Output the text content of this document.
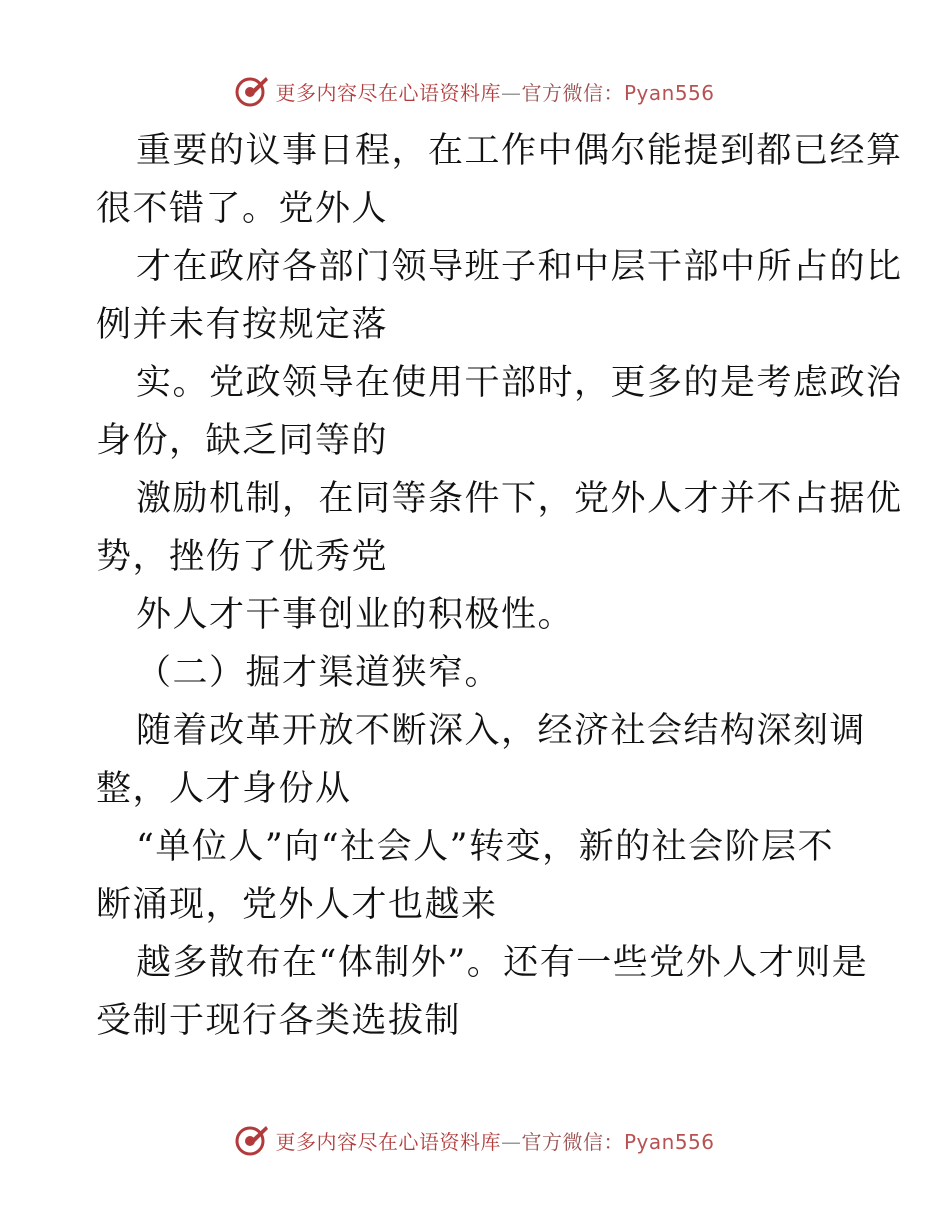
更多内容尽在心语资料库—官方微信：Pyan556
重要的议事日程，在工作中偶尔能提到都已经算
很不错了。党外人
才在政府各部门领导班子和中层干部中所占的比
例并未有按规定落
实。党政领导在使用干部时，更多的是考虑政治
身份，缺乏同等的
激励机制，在同等条件下，党外人才并不占据优
势，挫伤了优秀党
外人才干事创业的积极性。
（二）掘才渠道狭窄。
随着改革开放不断深入，经济社会结构深刻调
整，人才身份从
“单位人”向“社会人”转变，新的社会阶层不
断涌现，党外人才也越来
越多散布在“体制外”。还有一些党外人才则是
受制于现行各类选拔制
更多内容尽在心语资料库—官方微信：Pyan556
